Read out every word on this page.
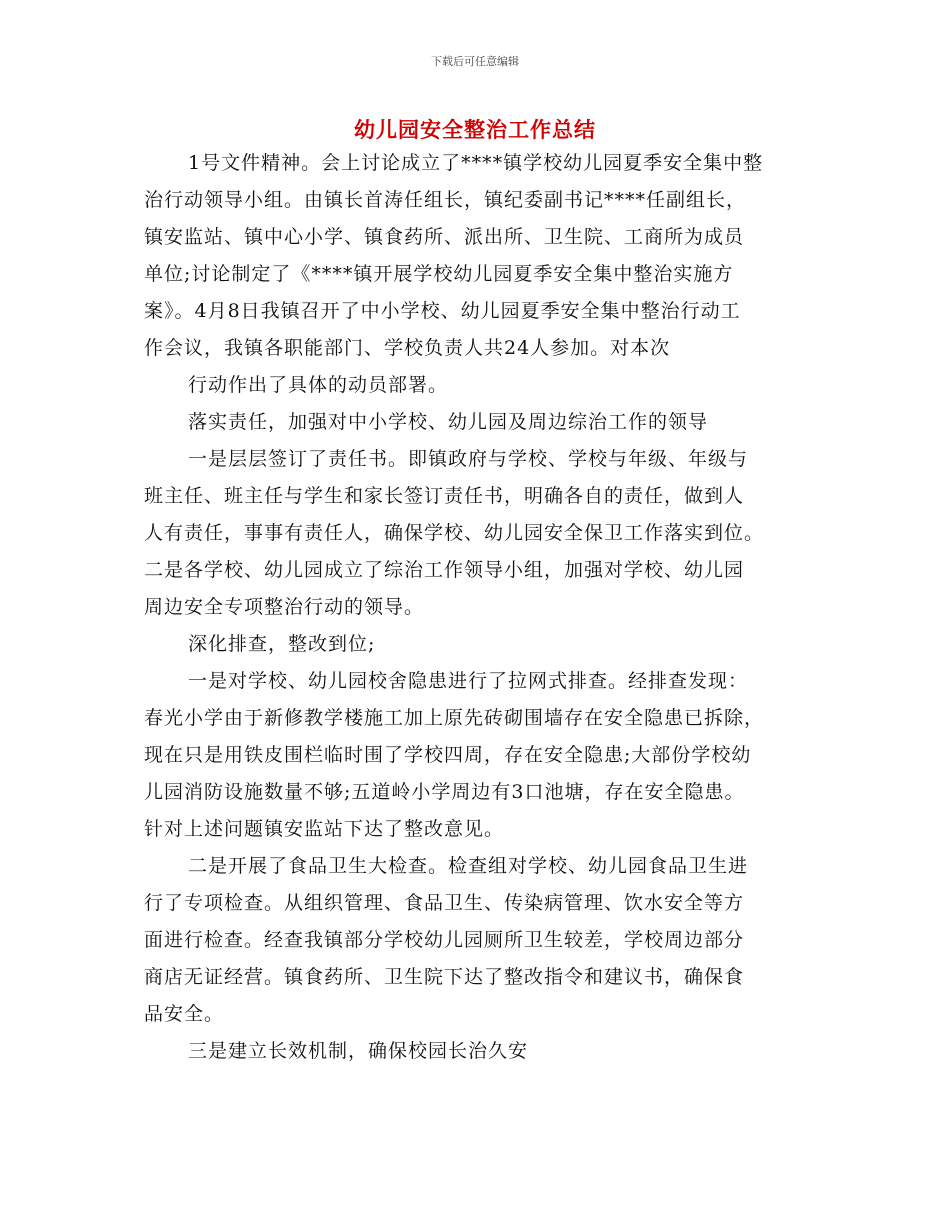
下载后可任意编辑
幼儿园安全整治工作总结
1号文件精神。会上讨论成立了****镇学校幼儿园夏季安全集中整
治行动领导小组。由镇长首涛任组长，镇纪委副书记****任副组长，
镇安监站、镇中心小学、镇食药所、派出所、卫生院、工商所为成员
单位;讨论制定了《****镇开展学校幼儿园夏季安全集中整治实施方
案》。4月8日我镇召开了中小学校、幼儿园夏季安全集中整治行动工
作会议，我镇各职能部门、学校负责人共24人参加。对本次
行动作出了具体的动员部署。
落实责任，加强对中小学校、幼儿园及周边综治工作的领导
一是层层签订了责任书。即镇政府与学校、学校与年级、年级与
班主任、班主任与学生和家长签订责任书，明确各自的责任，做到人
人有责任，事事有责任人，确保学校、幼儿园安全保卫工作落实到位。
二是各学校、幼儿园成立了综治工作领导小组，加强对学校、幼儿园
周边安全专项整治行动的领导。
深化排查，整改到位;
一是对学校、幼儿园校舍隐患进行了拉网式排查。经排查发现：
春光小学由于新修教学楼施工加上原先砖砌围墙存在安全隐患已拆除，
现在只是用铁皮围栏临时围了学校四周，存在安全隐患;大部份学校幼
儿园消防设施数量不够;五道岭小学周边有3口池塘，存在安全隐患。
针对上述问题镇安监站下达了整改意见。
二是开展了食品卫生大检查。检查组对学校、幼儿园食品卫生进
行了专项检查。从组织管理、食品卫生、传染病管理、饮水安全等方
面进行检查。经查我镇部分学校幼儿园厕所卫生较差，学校周边部分
商店无证经营。镇食药所、卫生院下达了整改指令和建议书，确保食
品安全。
三是建立长效机制，确保校园长治久安
